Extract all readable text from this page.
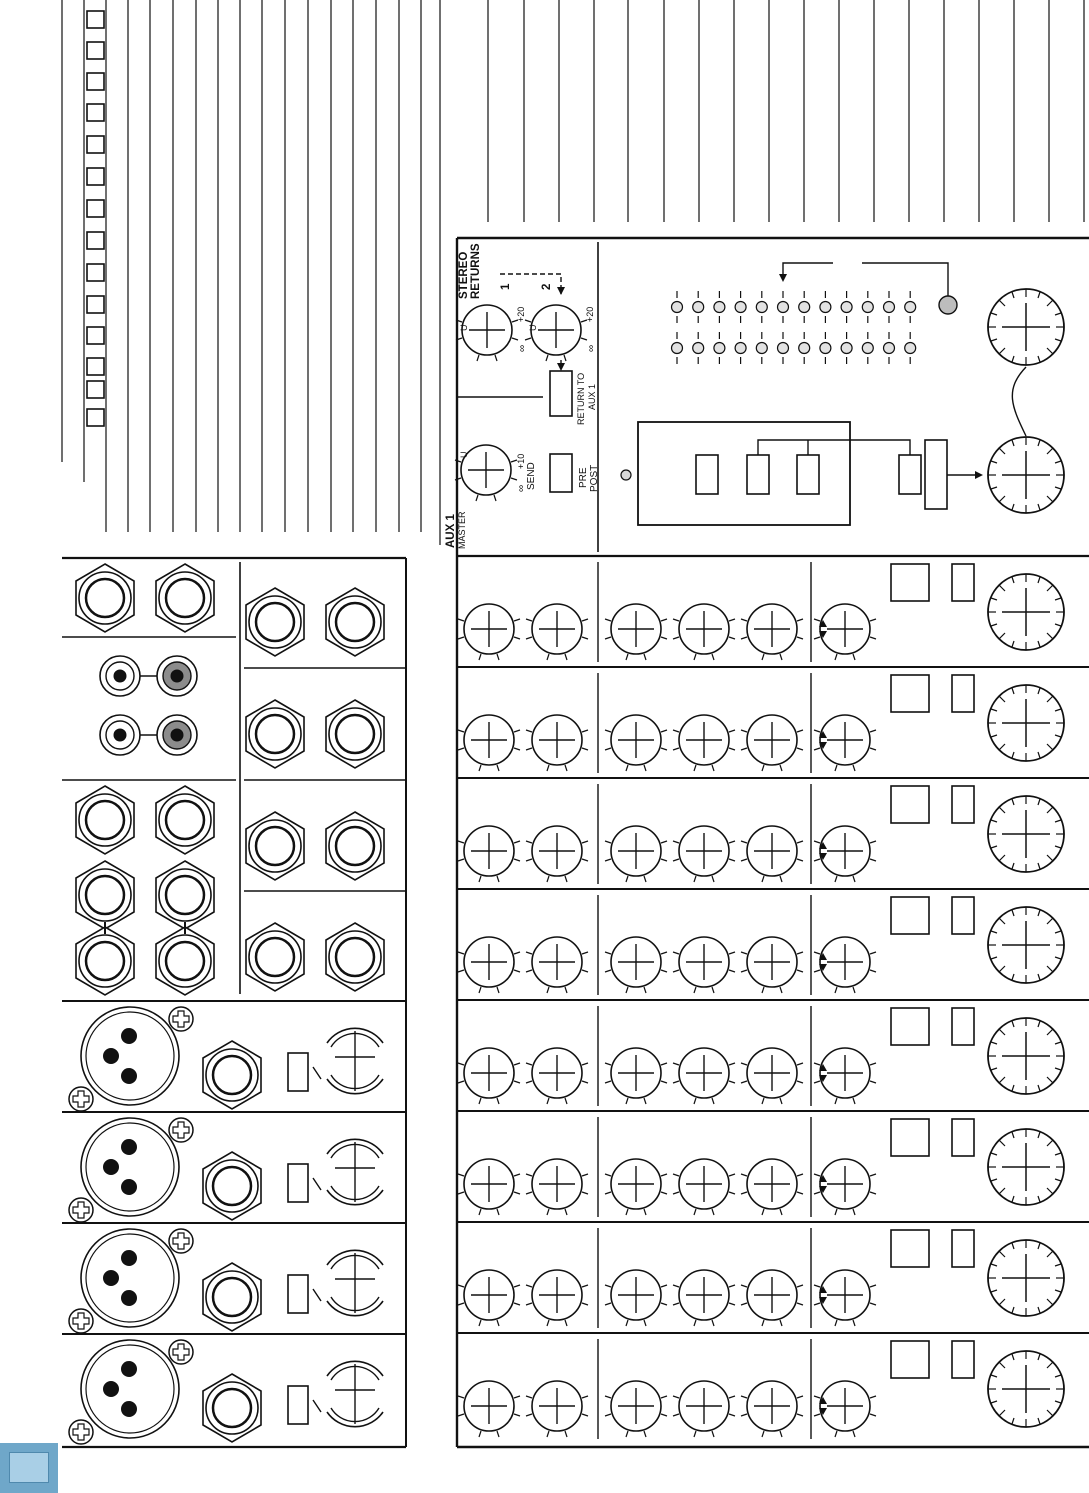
AUX 1 MASTER
SEND
∞
U	+10
PRE POST
STEREO RETURNS 1	2
U	U
∞	∞
+20	+20
RETURN TO AUX 1
